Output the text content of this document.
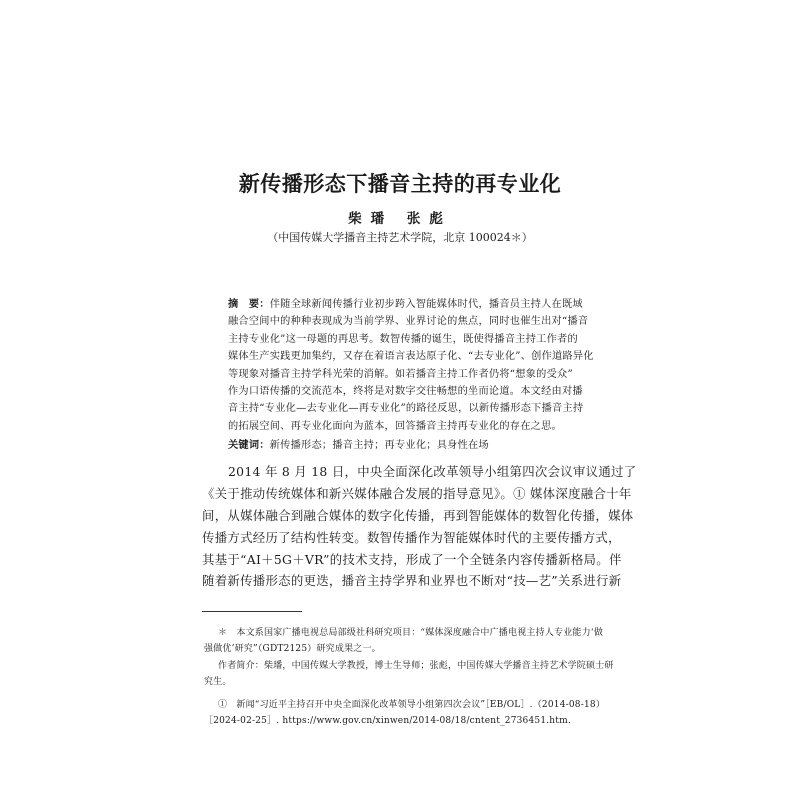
新传播形态下播音主持的再专业化
柴璠 张彪
（中国传媒大学播音主持艺术学院，北京 100024＊）
摘　要：伴随全球新闻传播行业初步跨入智能媒体时代，播音员主持人在既域
融合空间中的种种表现成为当前学界、业界讨论的焦点，同时也催生出对“播音
主持专业化”这一母题的再思考。数智传播的诞生，既使得播音主持工作者的
媒体生产实践更加集约，又存在着语言表达原子化、“去专业化”、创作道路异化
等现象对播音主持学科光荣的消解。如若播音主持工作者仍将“想象的受众”
作为口语传播的交流范本，终将是对数字交往畅想的坐而论道。本文经由对播
音主持“专业化—去专业化—再专业化”的路径反思，以新传播形态下播音主持
的拓展空间、再专业化面向为蓝本，回答播音主持再专业化的存在之思。
关键词：新传播形态；播音主持；再专业化；具身性在场
2014 年 8 月 18 日，中央全面深化改革领导小组第四次会议审议通过了
《关于推动传统媒体和新兴媒体融合发展的指导意见》。① 媒体深度融合十年
间，从媒体融合到融合媒体的数字化传播，再到智能媒体的数智化传播，媒体
传播方式经历了结构性转变。数智传播作为智能媒体时代的主要传播方式，
其基于“AI＋5G＋VR”的技术支持，形成了一个全链条内容传播新格局。伴
随着新传播形态的更迭，播音主持学界和业界也不断对“技—艺”关系进行新
＊　本文系国家广播电视总局部级社科研究项目：“媒体深度融合中广播电视主持人专业能力‘做
强做优’研究”（GDT2125）研究成果之一。
作者简介：柴璠，中国传媒大学教授，博士生导师；张彪，中国传媒大学播音主持艺术学院硕士研
究生。
①　新闻“习近平主持召开中央全面深化改革领导小组第四次会议”［EB/OL］.（2014-08-18）
［2024-02-25］. https://www.gov.cn/xinwen/2014-08/18/cntent_2736451.htm.
